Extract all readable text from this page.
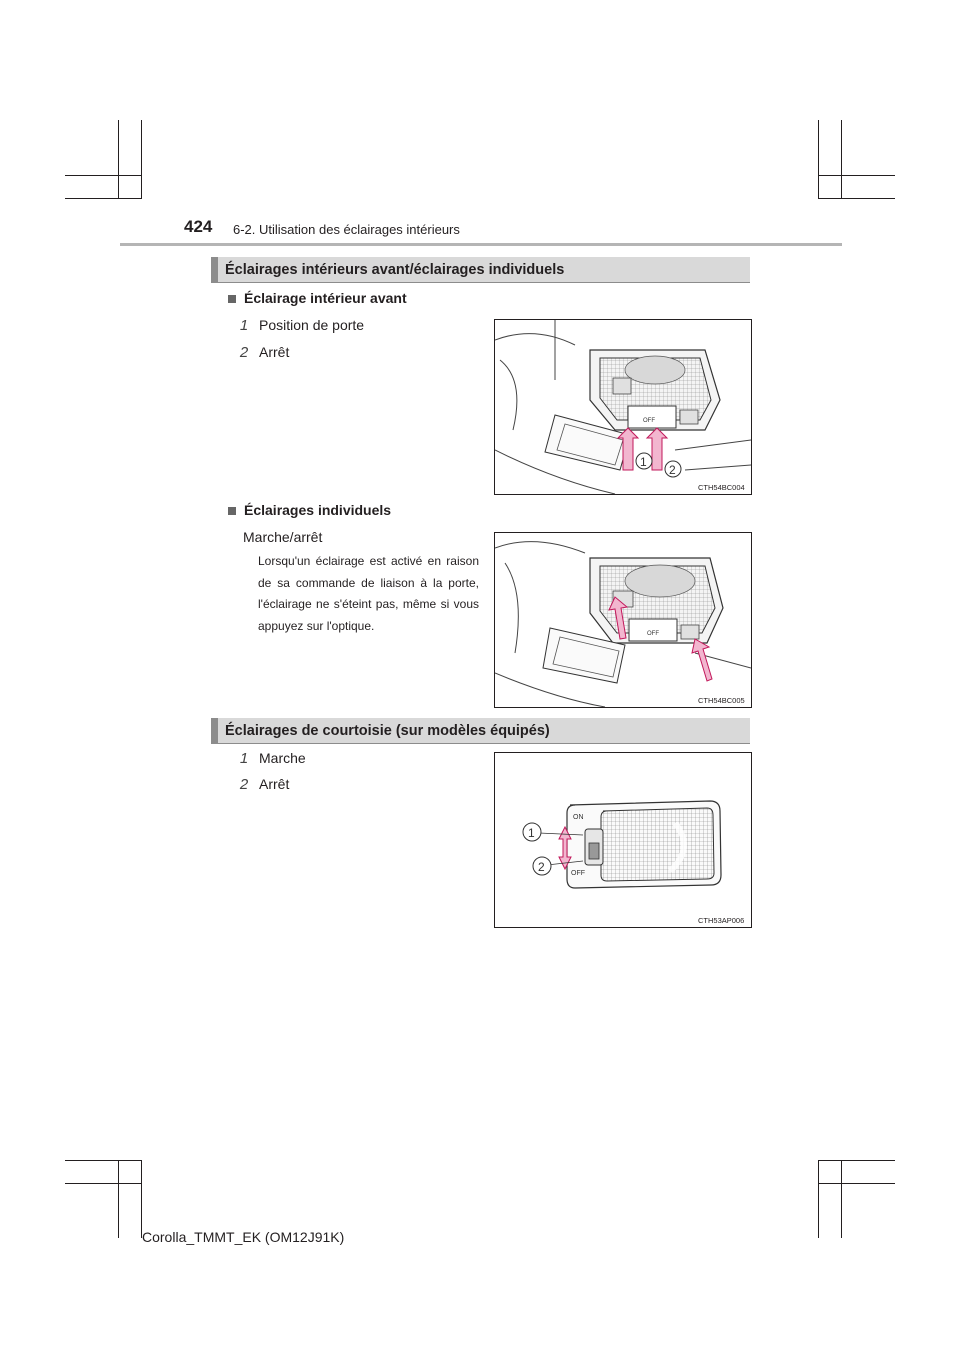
424 6-2. Utilisation des éclairages intérieurs
Éclairages intérieurs avant/éclairages individuels
Éclairage intérieur avant
1 Position de porte
2 Arrêt
OFF
1
2
CTH54BC004
Éclairages individuels
Marche/arrêt
Lorsqu'un éclairage est activé en raison de sa commande de liaison à la porte, l'éclairage ne s'éteint pas, même si vous appuyez sur l'optique.
OFF
CTH54BC005
Éclairages de courtoisie (sur modèles équipés)
1 Marche
2 Arrêt
ON
OFF
1
2
CTH53AP006
Corolla_TMMT_EK (OM12J91K)
